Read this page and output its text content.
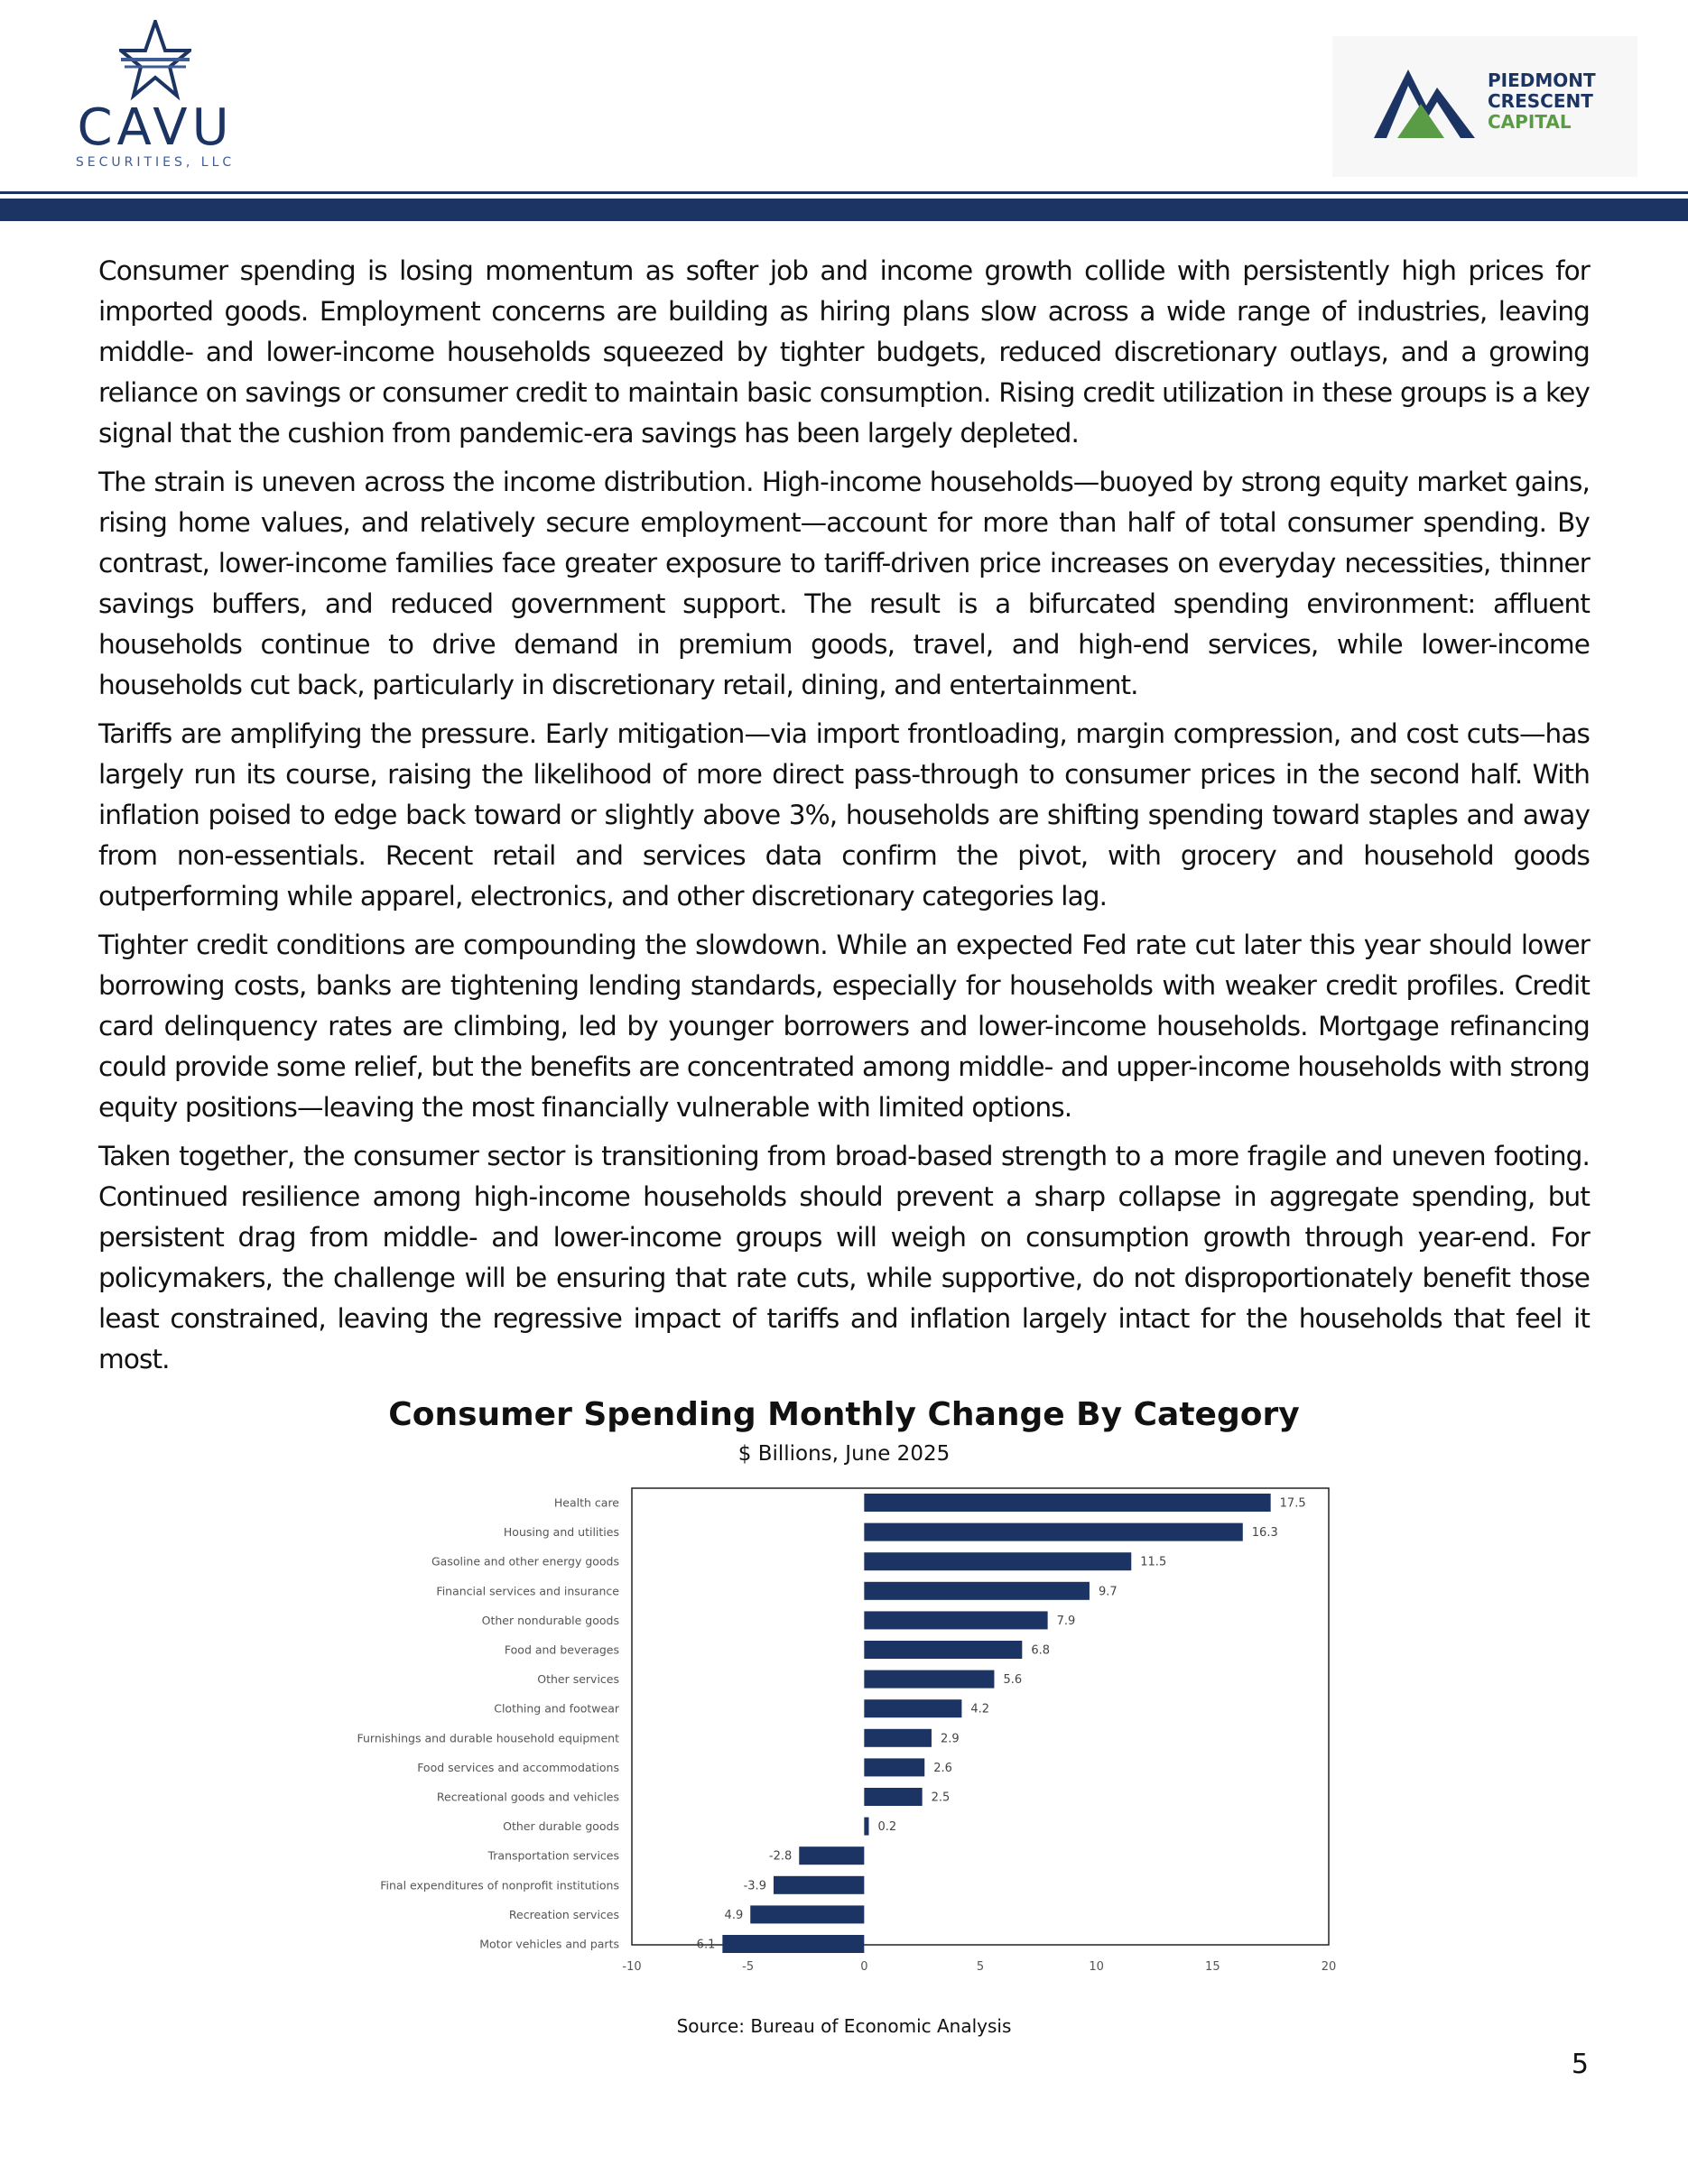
CAVU
SECURITIES, LLC
PIEDMONT
CRESCENT
CAPITAL

Consumer spending is losing momentum as softer job and income growth collide with persistently high prices for imported goods. Employment concerns are building as hiring plans slow across a wide range of industries, leaving middle- and lower-income households squeezed by tighter budgets, reduced discretionary outlays, and a growing reliance on savings or consumer credit to maintain basic consumption. Rising credit utilization in these groups is a key signal that the cushion from pandemic-era savings has been largely depleted.

The strain is uneven across the income distribution. High-income households—buoyed by strong equity market gains, rising home values, and relatively secure employment—account for more than half of total consumer spending. By contrast, lower-income families face greater exposure to tariff-driven price increases on everyday necessities, thinner savings buffers, and reduced government support. The result is a bifurcated spending environment: affluent households continue to drive demand in premium goods, travel, and high-end services, while lower-income households cut back, particularly in discretionary retail, dining, and entertainment.

Tariffs are amplifying the pressure. Early mitigation—via import frontloading, margin compression, and cost cuts—has largely run its course, raising the likelihood of more direct pass-through to consumer prices in the second half. With inflation poised to edge back toward or slightly above 3%, households are shifting spending toward staples and away from non-essentials. Recent retail and services data confirm the pivot, with grocery and household goods outperforming while apparel, electronics, and other discretionary categories lag.

Tighter credit conditions are compounding the slowdown. While an expected Fed rate cut later this year should lower borrowing costs, banks are tightening lending standards, especially for households with weaker credit profiles. Credit card delinquency rates are climbing, led by younger borrowers and lower-income households. Mortgage refinancing could provide some relief, but the benefits are concentrated among middle- and upper-income households with strong equity positions—leaving the most financially vulnerable with limited options.

Taken together, the consumer sector is transitioning from broad-based strength to a more fragile and uneven footing. Continued resilience among high-income households should prevent a sharp collapse in aggregate spending, but persistent drag from middle- and lower-income groups will weigh on consumption growth through year-end. For policymakers, the challenge will be ensuring that rate cuts, while supportive, do not disproportionately benefit those least constrained, leaving the regressive impact of tariffs and inflation largely intact for the households that feel it most.

Consumer Spending Monthly Change By Category
$ Billions, June 2025
Health care	17.5
Housing and utilities	16.3
Gasoline and other energy goods	11.5
Financial services and insurance	9.7
Other nondurable goods	7.9
Food and beverages	6.8
Other services	5.6
Clothing and footwear	4.2
Furnishings and durable household equipment	2.9
Food services and accommodations	2.6
Recreational goods and vehicles	2.5
Other durable goods	0.2
Transportation services	-2.8
Final expenditures of nonprofit institutions	-3.9
Recreation services	4.9
Motor vehicles and parts	6.1
-10	-5	0	5	10	15	20
Source: Bureau of Economic Analysis
5
